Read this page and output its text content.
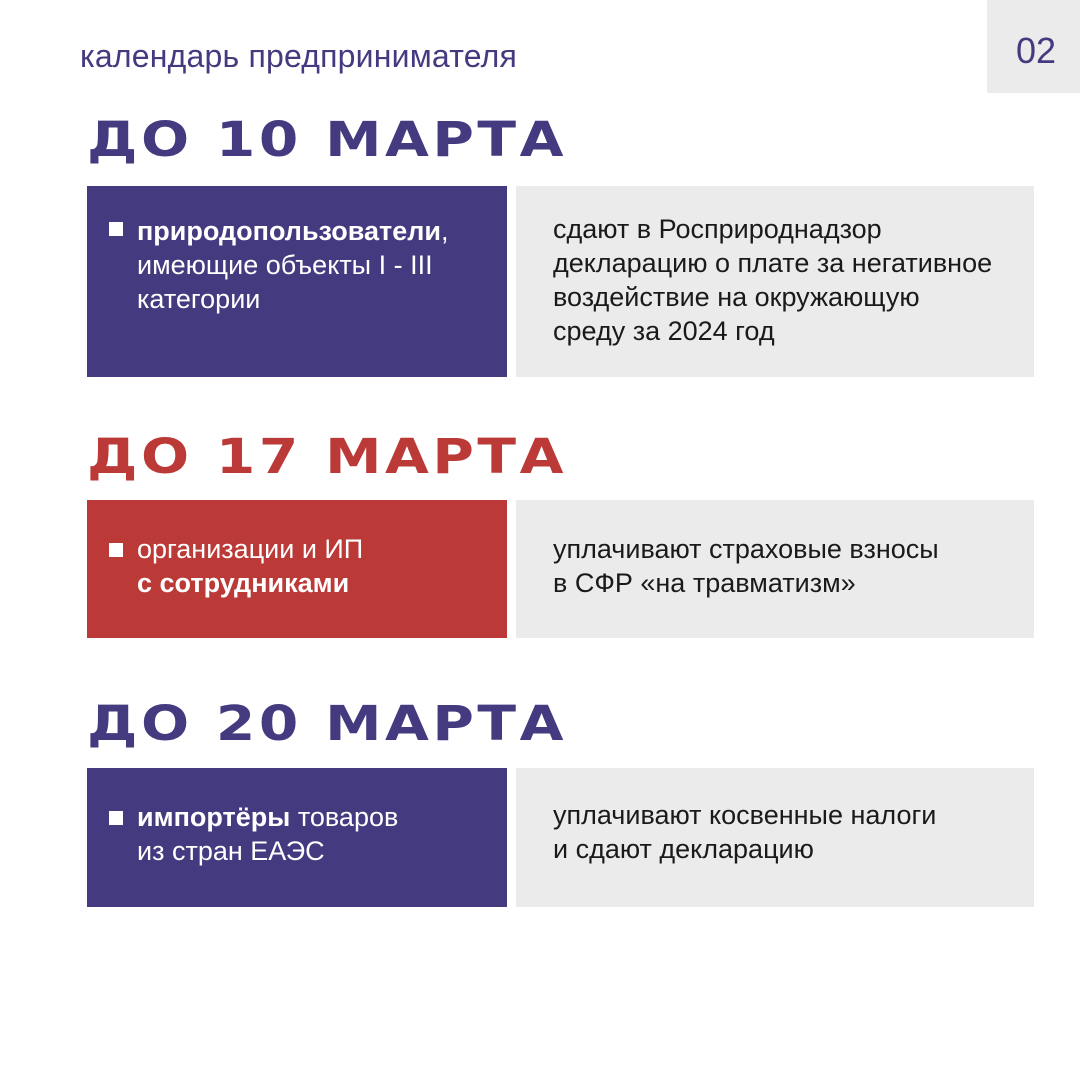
календарь предпринимателя	02
ДО 10 МАРТА
природопользователи,
имеющие объекты I - III
категории
сдают в Росприроднадзор
декларацию о плате за негативное
воздействие на окружающую
среду за 2024 год
ДО 17 МАРТА
организации и ИП
с сотрудниками
уплачивают страховые взносы
в СФР «на травматизм»
ДО 20 МАРТА
импортёры товаров
из стран ЕАЭС
уплачивают косвенные налоги
и сдают декларацию
